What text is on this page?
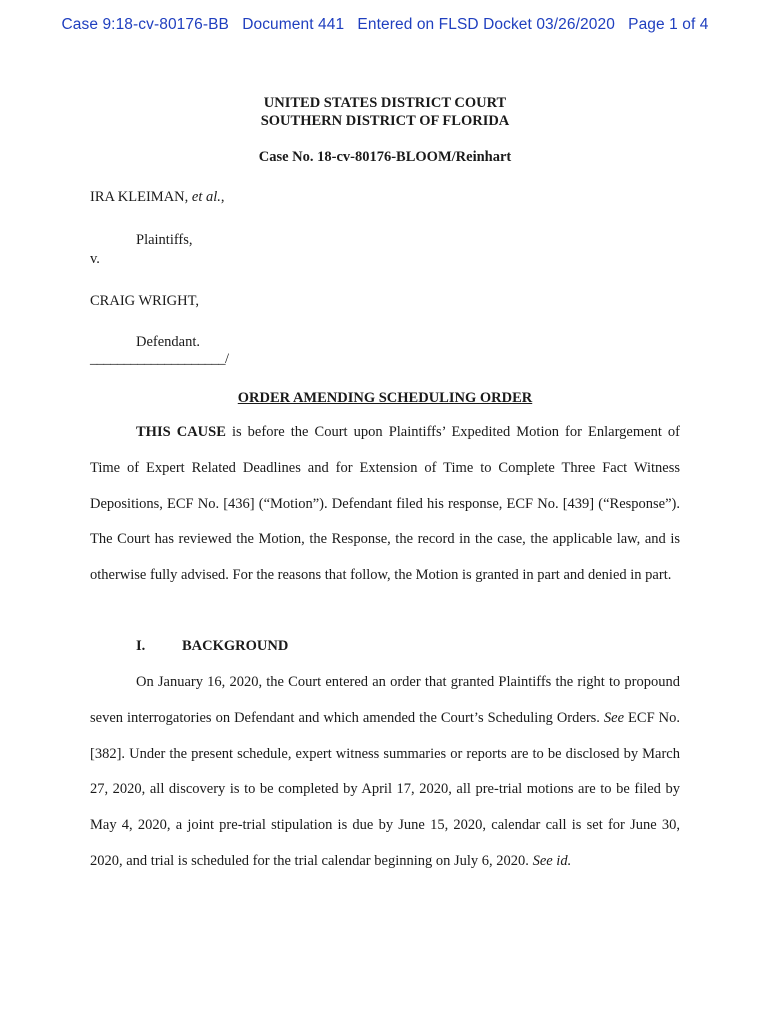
Case 9:18-cv-80176-BB   Document 441   Entered on FLSD Docket 03/26/2020   Page 1 of 4
UNITED STATES DISTRICT COURT
SOUTHERN DISTRICT OF FLORIDA
Case No. 18-cv-80176-BLOOM/Reinhart
IRA KLEIMAN, et al.,
Plaintiffs,
v.
CRAIG WRIGHT,
Defendant.
____________________/
ORDER AMENDING SCHEDULING ORDER

THIS CAUSE is before the Court upon Plaintiffs’ Expedited Motion for Enlargement of Time of Expert Related Deadlines and for Extension of Time to Complete Three Fact Witness Depositions, ECF No. [436] (“Motion”). Defendant filed his response, ECF No. [439] (“Response”). The Court has reviewed the Motion, the Response, the record in the case, the applicable law, and is otherwise fully advised. For the reasons that follow, the Motion is granted in part and denied in part.

I.	BACKGROUND

On January 16, 2020, the Court entered an order that granted Plaintiffs the right to propound seven interrogatories on Defendant and which amended the Court’s Scheduling Orders. See ECF No. [382]. Under the present schedule, expert witness summaries or reports are to be disclosed by March 27, 2020, all discovery is to be completed by April 17, 2020, all pre-trial motions are to be filed by May 4, 2020, a joint pre-trial stipulation is due by June 15, 2020, calendar call is set for June 30, 2020, and trial is scheduled for the trial calendar beginning on July 6, 2020. See id.
